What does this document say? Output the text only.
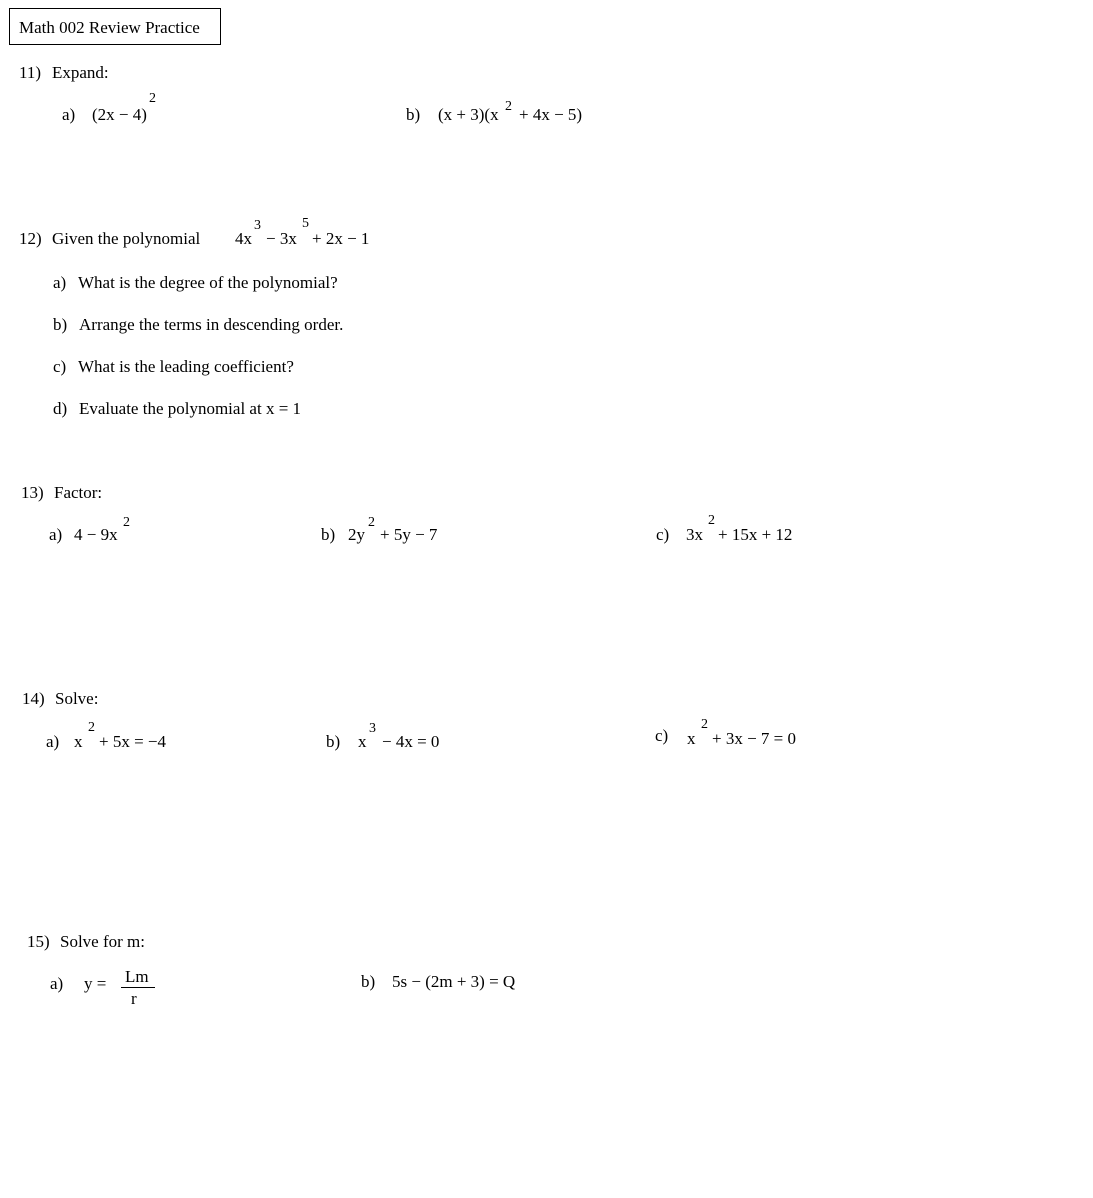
Math 002 Review Practice
11) Expand:
a) (2x − 4)
2
b) (x + 3)(x 2 + 4x − 5)
12) Given the polynomial 4x
3
− 3x
5
+ 2x − 1
a) What is the degree of the polynomial?
b) Arrange the terms in descending order.
c) What is the leading coefficient?
d) Evaluate the polynomial at x = 1
13) Factor:
a) 4 − 9x
2
b) 2y
2
+ 5y − 7	c) 3x
2
+ 15x + 12
14) Solve:
a) x
2
+ 5x = −4	b) x
3
− 4x = 0	c) x
2
+ 3x − 7 = 0
15) Solve for m:
a) y = Lm
r
b) 5s − (2m + 3) = Q
